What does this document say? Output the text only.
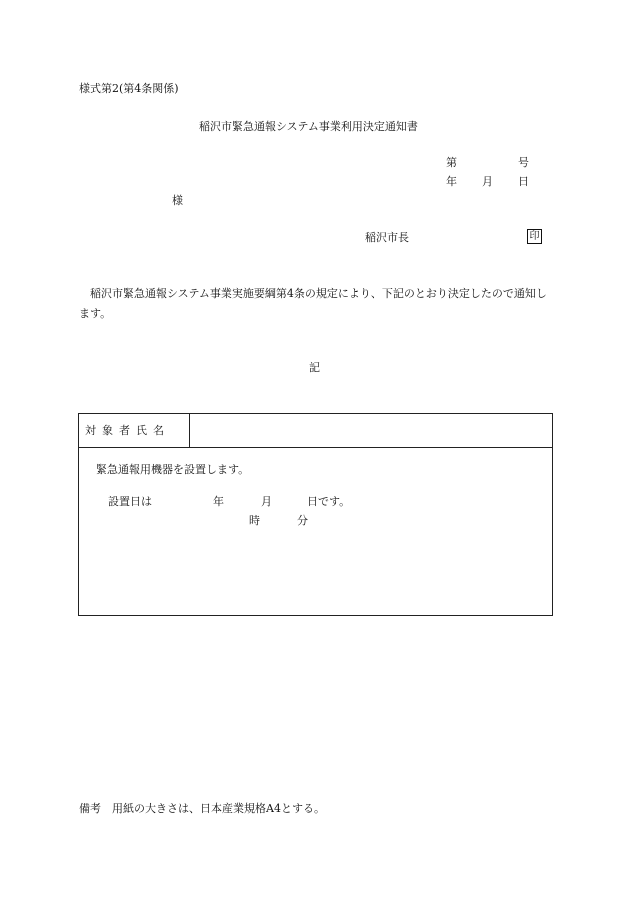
様式第2(第4条関係)
稲沢市緊急通報システム事業利用決定通知書
第	号
年 月 日
様
稲沢市長	印
稲沢市緊急通報システム事業実施要綱第4条の規定により、下記のとおり決定したので通知します。
記
対象者氏名
緊急通報用機器を設置します。
設置日は	年	月	日です。
時	分
備考　用紙の大きさは、日本産業規格A4とする。
